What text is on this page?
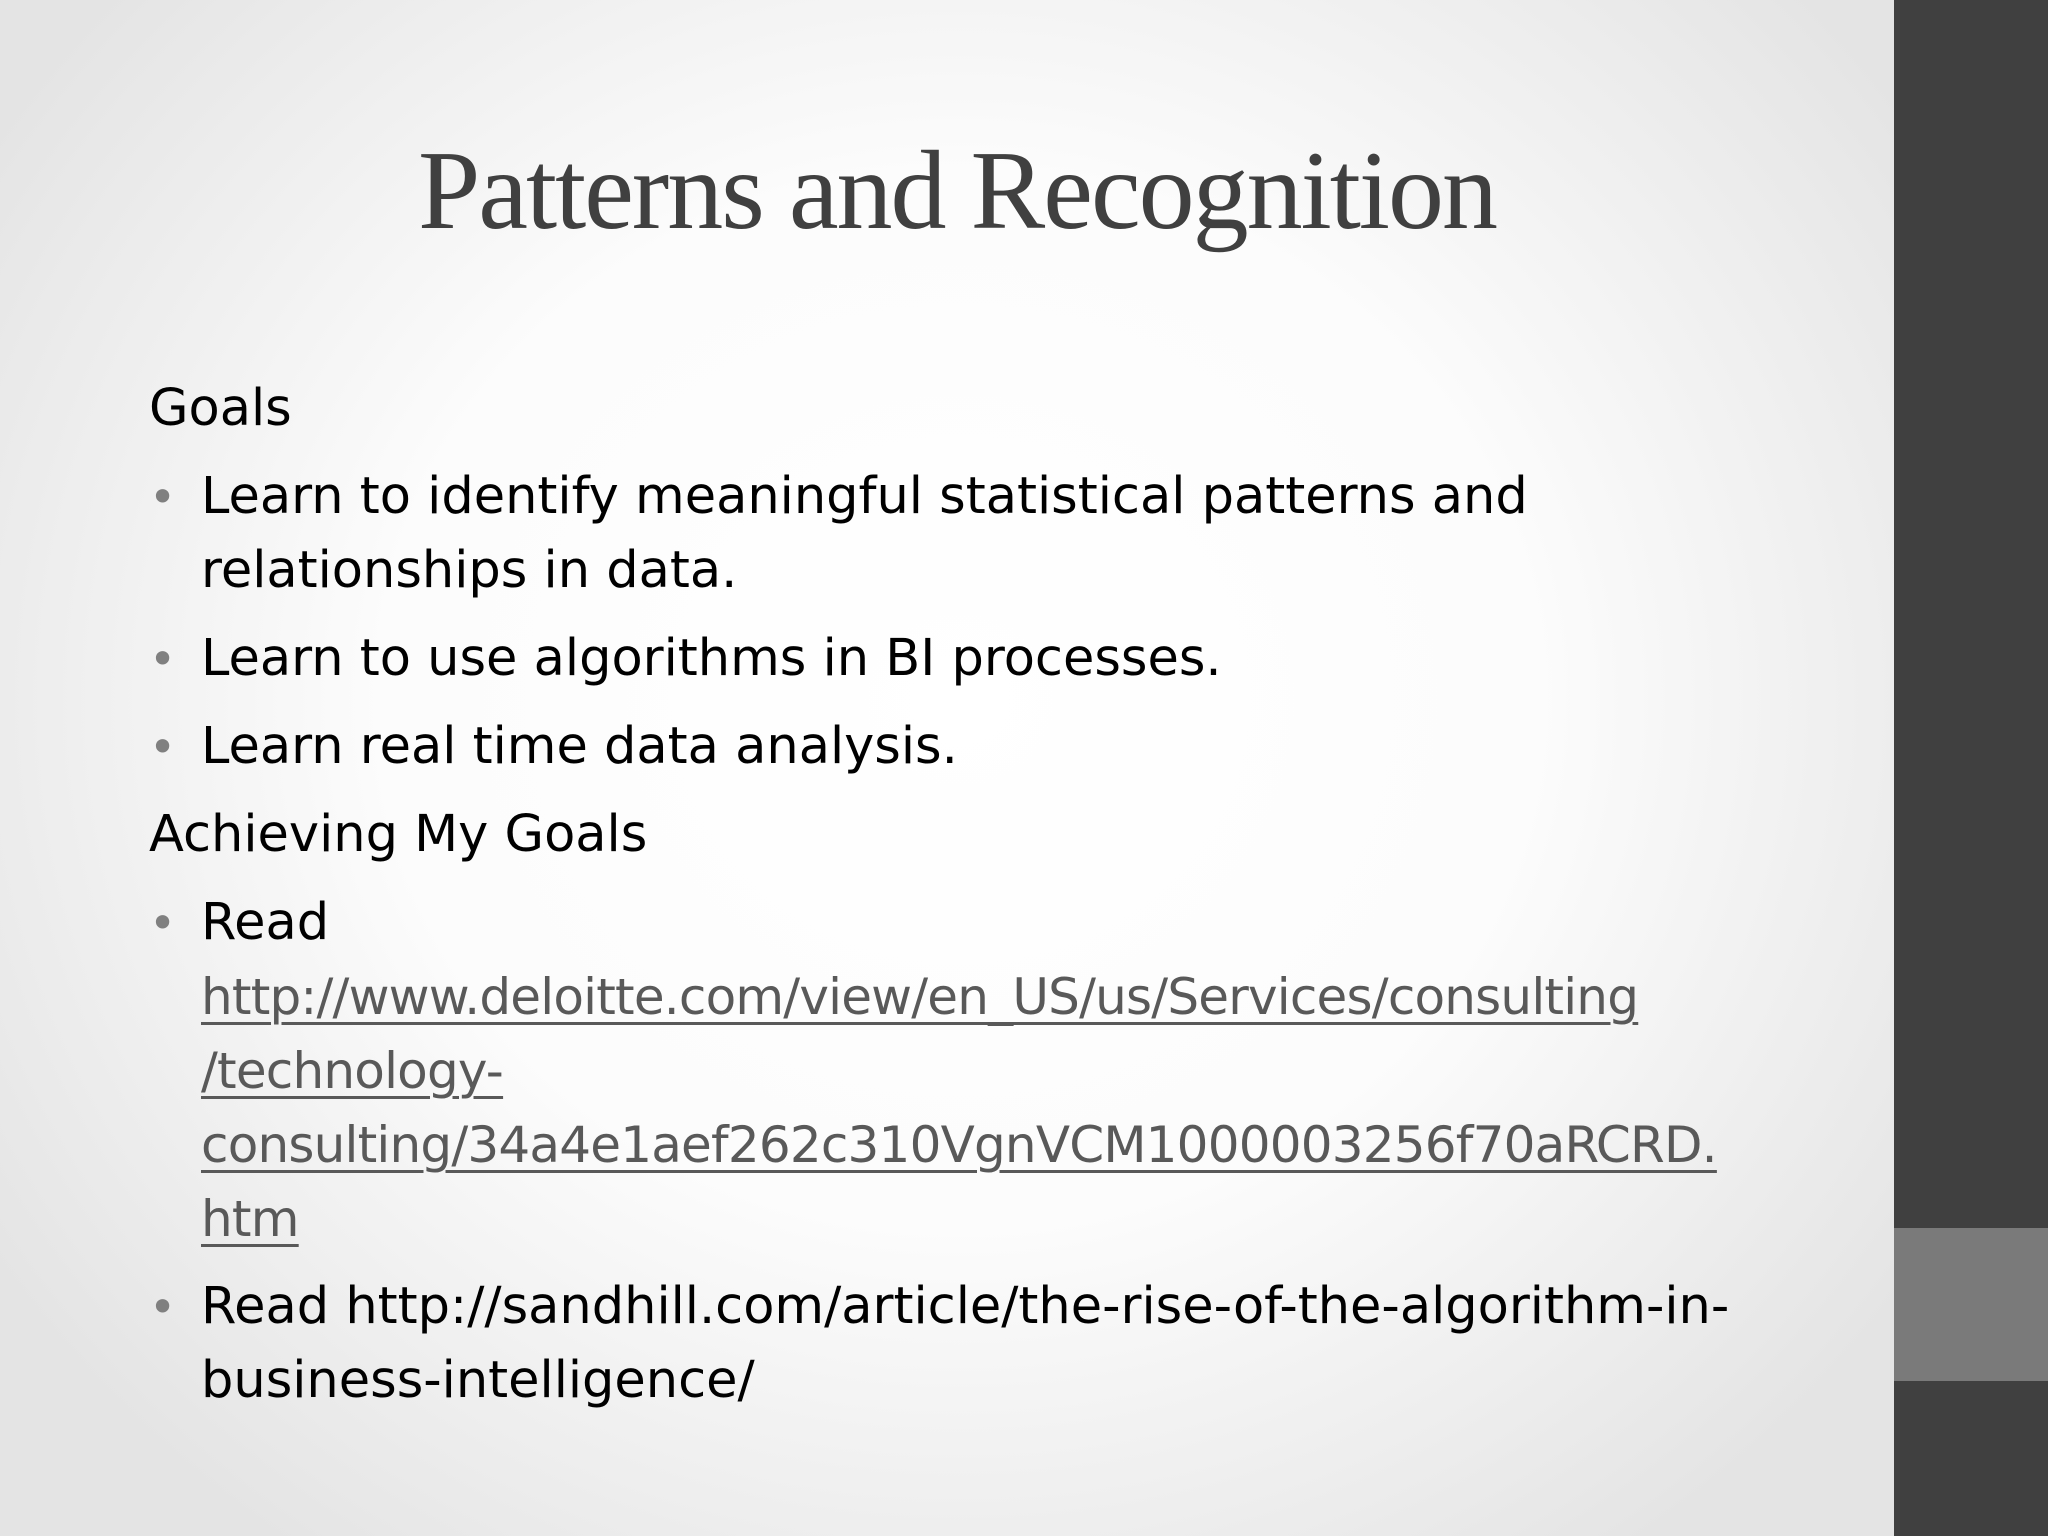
Patterns and Recognition
Goals
• Learn to identify meaningful statistical patterns and
relationships in data.
• Learn to use algorithms in BI processes.
• Learn real time data analysis.
Achieving My Goals
• Read
http://www.deloitte.com/view/en_US/us/Services/consulting
/technology-
consulting/34a4e1aef262c310VgnVCM1000003256f70aRCRD.
htm
• Read http://sandhill.com/article/the-rise-of-the-algorithm-in-
business-intelligence/
